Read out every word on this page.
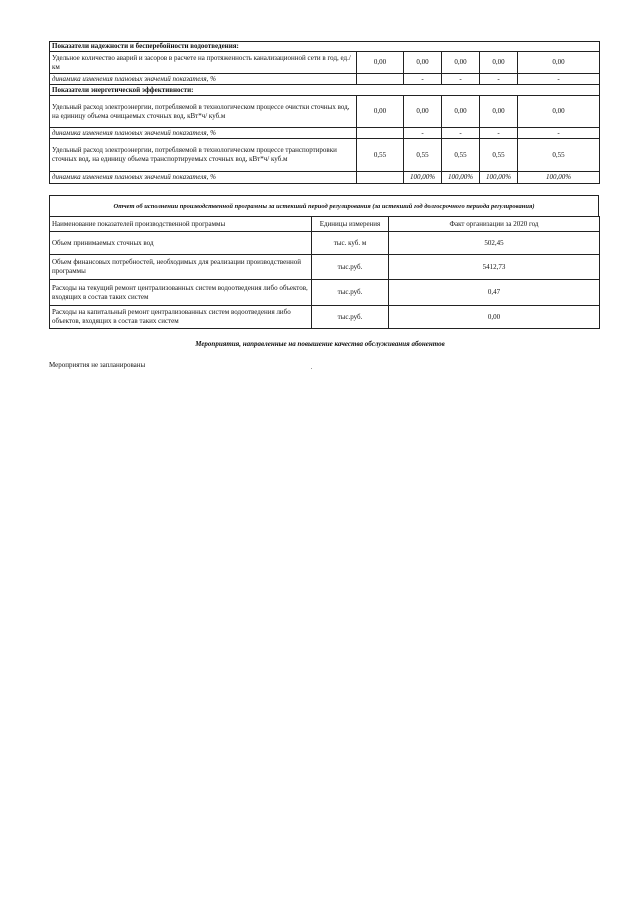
Показатели надежности и бесперебойности водоотведения:					
Удельное количество аварий и засоров в расчете на протяженность канализационной сети в год, ед./км	0,00	0,00	0,00	0,00	0,00
динамика изменения плановых значений показателя, %		-	-	-	-
Показатели энергетической эффективности:					
Удельный расход электроэнергии, потребляемой в технологическом процессе очистки сточных вод, на единицу объема очищаемых сточных вод, кВт*ч/ куб.м	0,00	0,00	0,00	0,00	0,00
динамика изменения плановых значений показателя, %		-	-	-	-
Удельный расход электроэнергии, потребляемой в технологическом процессе транспортировки сточных вод, на единицу объема транспортируемых сточных вод, кВт*ч/ куб.м	0,55	0,55	0,55	0,55	0,55
динамика изменения плановых значений показателя, %		100,00%	100,00%	100,00%	100,00%
Отчет об исполнении производственной программы за истекший период регулирования (за истекший год долгосрочного периода регулирования)
Наименование показателей производственной программы	Единицы измерения	Факт организации за 2020 год
Объем принимаемых сточных вод	тыс. куб. м	502,45
Объем финансовых потребностей, необходимых для реализации производственной программы	тыс.руб.	5412,73
Расходы на текущий ремонт централизованных систем водоотведения либо объектов, входящих в состав таких систем	тыс.руб.	0,47
Расходы на капитальный ремонт централизованных систем водоотведения либо объектов, входящих в состав таких систем	тыс.руб.	0,00
Мероприятия, направленные на повышение качества обслуживания абонентов
Мероприятия не запланированы
